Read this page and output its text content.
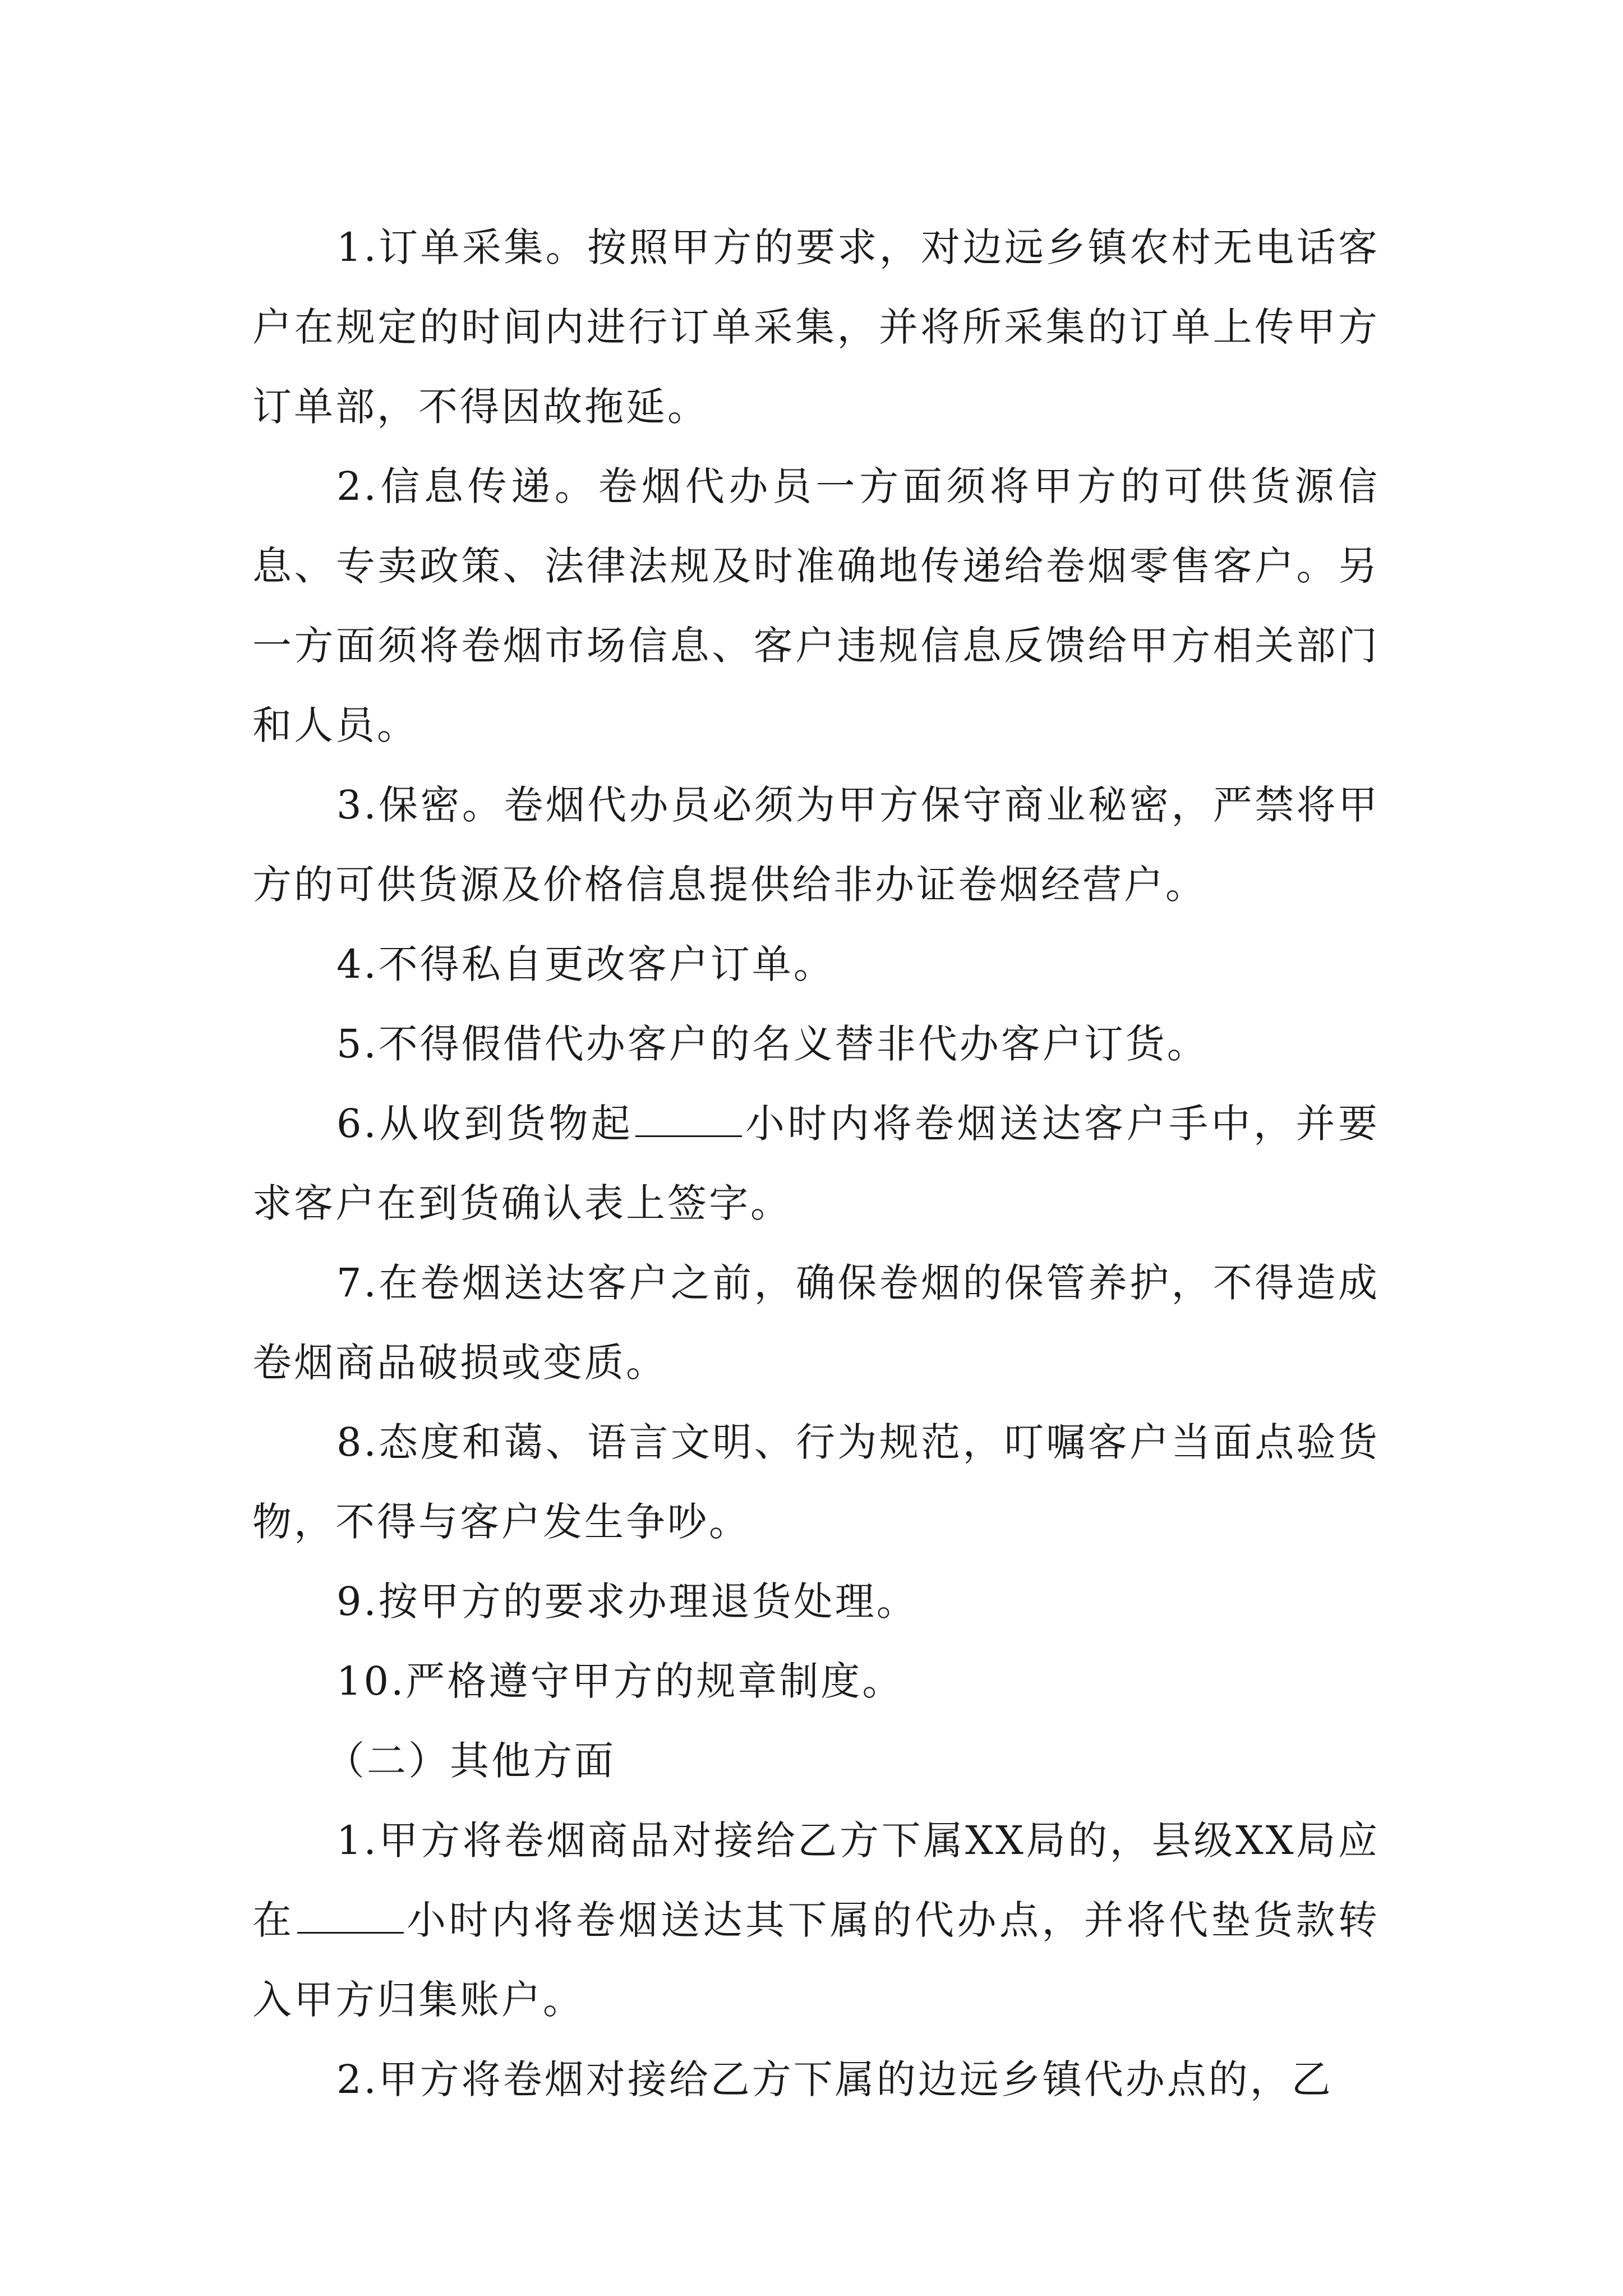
1.订单采集。按照甲方的要求，对边远乡镇农村无电话客户在规定的时间内进行订单采集，并将所采集的订单上传甲方订单部，不得因故拖延。

2.信息传递。卷烟代办员一方面须将甲方的可供货源信息、专卖政策、法律法规及时准确地传递给卷烟零售客户。另一方面须将卷烟市场信息、客户违规信息反馈给甲方相关部门和人员。

3.保密。卷烟代办员必须为甲方保守商业秘密，严禁将甲方的可供货源及价格信息提供给非办证卷烟经营户。

4.不得私自更改客户订单。

5.不得假借代办客户的名义替非代办客户订货。

6.从收到货物起	小时内将卷烟送达客户手中，并要求客户在到货确认表上签字。

7.在卷烟送达客户之前，确保卷烟的保管养护，不得造成卷烟商品破损或变质。

8.态度和蔼、语言文明、行为规范，叮嘱客户当面点验货物，不得与客户发生争吵。

9.按甲方的要求办理退货处理。

10.严格遵守甲方的规章制度。

（二）其他方面

1.甲方将卷烟商品对接给乙方下属XX局的，县级XX局应在	小时内将卷烟送达其下属的代办点，并将代垫货款转入甲方归集账户。

2.甲方将卷烟对接给乙方下属的边远乡镇代办点的，乙
